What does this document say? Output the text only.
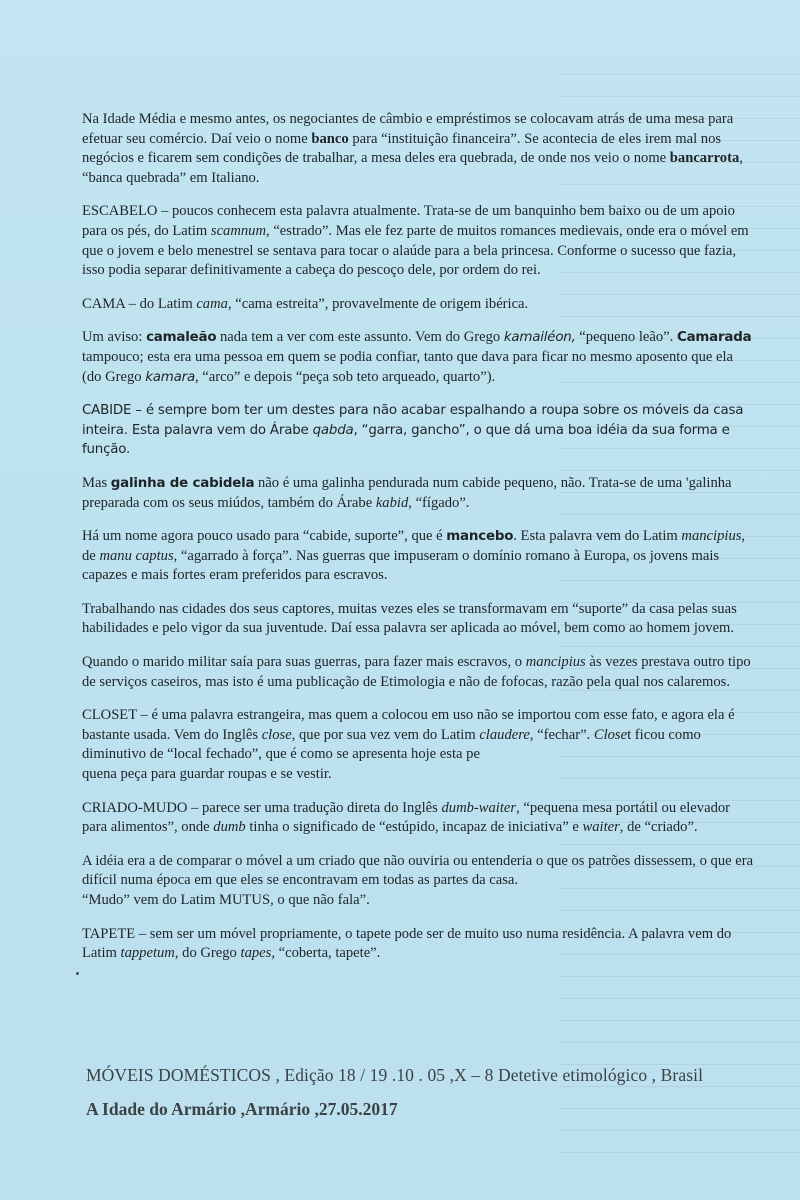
Na Idade Média e mesmo antes, os negociantes de câmbio e empréstimos se colocavam atrás de uma mesa para efetuar seu comércio. Daí veio o nome banco para “instituição financeira”. Se acontecia de eles irem mal nos negócios e ficarem sem condições de trabalhar, a mesa deles era quebrada, de onde nos veio o nome bancarrota, “banca quebrada” em Italiano.

ESCABELO – poucos conhecem esta palavra atualmente. Trata-se de um banquinho bem baixo ou de um apoio para os pés, do Latim scamnum, “estrado”. Mas ele fez parte de muitos romances medievais, onde era o móvel em que o jovem e belo menestrel se sentava para tocar o alaúde para a bela princesa. Conforme o sucesso que fazia, isso podia separar definitivamente a cabeça do pescoço dele, por ordem do rei.

CAMA – do Latim cama, “cama estreita”, provavelmente de origem ibérica.

Um aviso: camaleão nada tem a ver com este assunto. Vem do Grego kamailéon, “pequeno leão”. Camarada tampouco; esta era uma pessoa em quem se podia confiar, tanto que dava para ficar no mesmo aposento que ela (do Grego kamara, “arco” e depois “peça sob teto arqueado, quarto”).

CABIDE – é sempre bom ter um destes para não acabar espalhando a roupa sobre os móveis da casa inteira. Esta palavra vem do Árabe qabda, “garra, gancho”, o que dá uma boa idéia da sua forma e função.

Mas galinha de cabidela não é uma galinha pendurada num cabide pequeno, não. Trata-se de uma 'galinha preparada com os seus miúdos, também do Árabe kabid, “fígado”.

Há um nome agora pouco usado para “cabide, suporte”, que é mancebo. Esta palavra vem do Latim mancipius, de manu captus, “agarrado à força”. Nas guerras que impuseram o domínio romano à Europa, os jovens mais capazes e mais fortes eram preferidos para escravos.

Trabalhando nas cidades dos seus captores, muitas vezes eles se transformavam em “suporte” da casa pelas suas habilidades e pelo vigor da sua juventude. Daí essa palavra ser aplicada ao móvel, bem como ao homem jovem.

Quando o marido militar saía para suas guerras, para fazer mais escravos, o mancipius às vezes prestava outro tipo de serviços caseiros, mas isto é uma publicação de Etimologia e não de fofocas, razão pela qual nos calaremos.

CLOSET – é uma palavra estrangeira, mas quem a colocou em uso não se importou com esse fato, e agora ela é bastante usada. Vem do Inglês close, que por sua vez vem do Latim claudere, “fechar”. Closet ficou como diminutivo de “local fechado”, que é como se apresenta hoje esta pe
quena peça para guardar roupas e se vestir.

CRIADO-MUDO – parece ser uma tradução direta do Inglês dumb-waiter, “pequena mesa portátil ou elevador para alimentos”, onde dumb tinha o significado de “estúpido, incapaz de iniciativa” e waiter, de “criado”.

A idéia era a de comparar o móvel a um criado que não ouviria ou entenderia o que os patrões dissessem, o que era difícil numa época em que eles se encontravam em todas as partes da casa.
“Mudo” vem do Latim MUTUS, o que não fala”.

TAPETE – sem ser um móvel propriamente, o tapete pode ser de muito uso numa residência. A palavra vem do Latim tappetum, do Grego tapes, “coberta, tapete”.

MÓVEIS DOMÉSTICOS , Edição 18 / 19 .10 . 05 ,X – 8 Detetive etimológico , Brasil
A Idade do Armário ,Armário ,27.05.2017
